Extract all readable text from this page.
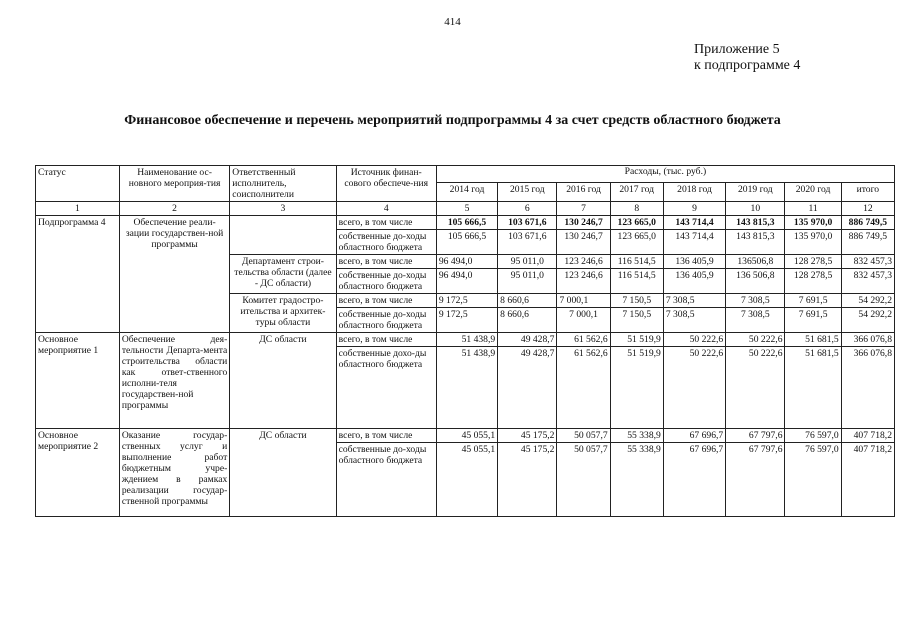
414
Приложение 5
к подпрограмме 4
Финансовое обеспечение и перечень мероприятий подпрограммы 4 за счет средств областного бюджета
Статус	Наименование ос-новного мероприя-тия	Ответственный исполнитель, соисполнители	Источник финан-сового обеспече-ния	Расходы, (тыс. руб.)							
				2014 год	2015 год	2016 год	2017 год	2018 год	2019 год	2020 год	итого
1	2	3	4	5	6	7	8	9	10	11	12
Подпрограмма 4	Обеспечение реали-зации государствен-ной программы		всего, в том числе	105 666,5	103 671,6	130 246,7	123 665,0	143 714,4	143 815,3	135 970,0	886 749,5
			собственные до-ходы областного бюджета	105 666,5	103 671,6	130 246,7	123 665,0	143 714,4	143 815,3	135 970,0	886 749,5
		Департамент строи-тельства области (далее - ДС области)	всего, в том числе	96 494,0	95 011,0	123 246,6	116 514,5	136 405,9	136506,8	128 278,5	832 457,3
			собственные до-ходы областного бюджета	96 494,0	95 011,0	123 246,6	116 514,5	136 405,9	136 506,8	128 278,5	832 457,3
		Комитет градостро-ительства и архитек-туры области	всего, в том числе	9 172,5	8 660,6	7 000,1	7 150,5	7 308,5	7 308,5	7 691,5	54 292,2
			собственные до-ходы областного бюджета	9 172,5	8 660,6	7 000,1	7 150,5	7 308,5	7 308,5	7 691,5	54 292,2
Основное мероприятие 1	Обеспечение дея-тельности Департа-мента строительства области как ответ-ственного исполни-теля государствен-ной программы	ДС области	всего, в том числе	51 438,9	49 428,7	61 562,6	51 519,9	50 222,6	50 222,6	51 681,5	366 076,8
			собственные дохо-ды областного бюджета	51 438,9	49 428,7	61 562,6	51 519,9	50 222,6	50 222,6	51 681,5	366 076,8
Основное мероприятие 2	Оказание государ-ственных услуг и выполнение работ бюджетным учре-ждением в рамках реализации государ-ственной программы	ДС области	всего, в том числе	45 055,1	45 175,2	50 057,7	55 338,9	67 696,7	67 797,6	76 597,0	407 718,2
			собственные до-ходы областного бюджета	45 055,1	45 175,2	50 057,7	55 338,9	67 696,7	67 797,6	76 597,0	407 718,2
